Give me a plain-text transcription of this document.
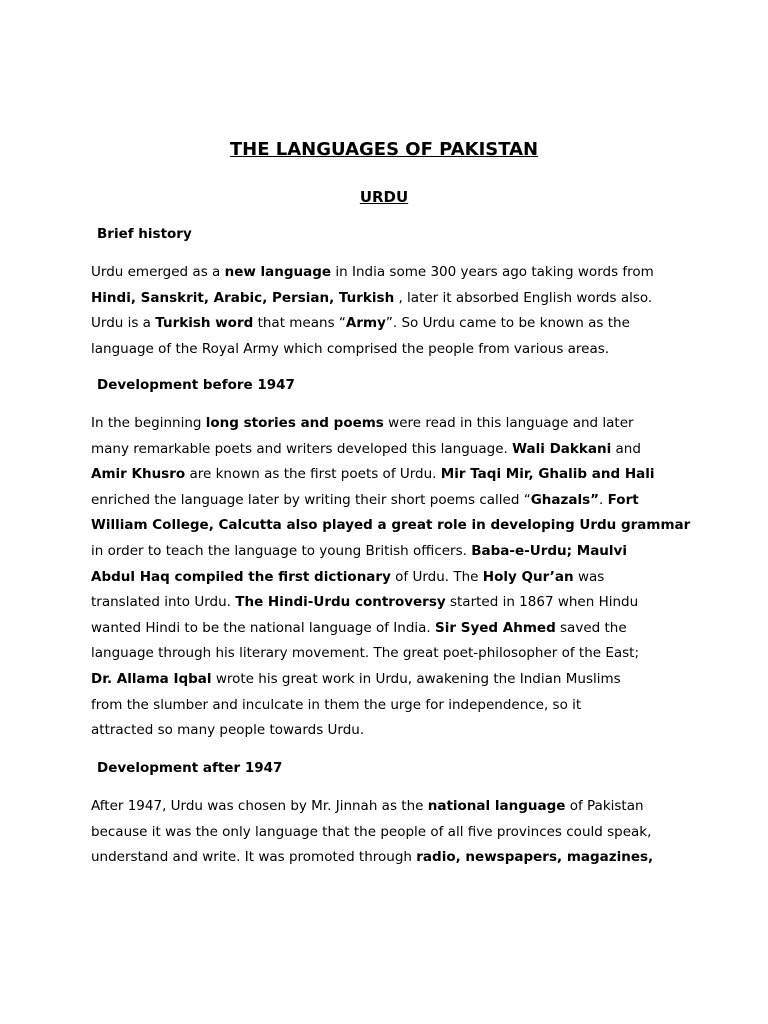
THE LANGUAGES OF PAKISTAN
URDU
Brief history
Urdu emerged as a new language in India some 300 years ago taking words from
Hindi, Sanskrit, Arabic, Persian, Turkish , later it absorbed English words also.
Urdu is a Turkish word that means “Army”. So Urdu came to be known as the
language of the Royal Army which comprised the people from various areas.
Development before 1947
In the beginning long stories and poems were read in this language and later
many remarkable poets and writers developed this language. Wali Dakkani and
Amir Khusro are known as the first poets of Urdu. Mir Taqi Mir, Ghalib and Hali
enriched the language later by writing their short poems called “Ghazals”. Fort
William College, Calcutta also played a great role in developing Urdu grammar
in order to teach the language to young British officers. Baba-e-Urdu; Maulvi
Abdul Haq compiled the first dictionary of Urdu. The Holy Qur’an was
translated into Urdu. The Hindi-Urdu controversy started in 1867 when Hindu
wanted Hindi to be the national language of India. Sir Syed Ahmed saved the
language through his literary movement. The great poet-philosopher of the East;
Dr. Allama Iqbal wrote his great work in Urdu, awakening the Indian Muslims
from the slumber and inculcate in them the urge for independence, so it
attracted so many people towards Urdu.
Development after 1947
After 1947, Urdu was chosen by Mr. Jinnah as the national language of Pakistan
because it was the only language that the people of all five provinces could speak,
understand and write. It was promoted through radio, newspapers, magazines,
